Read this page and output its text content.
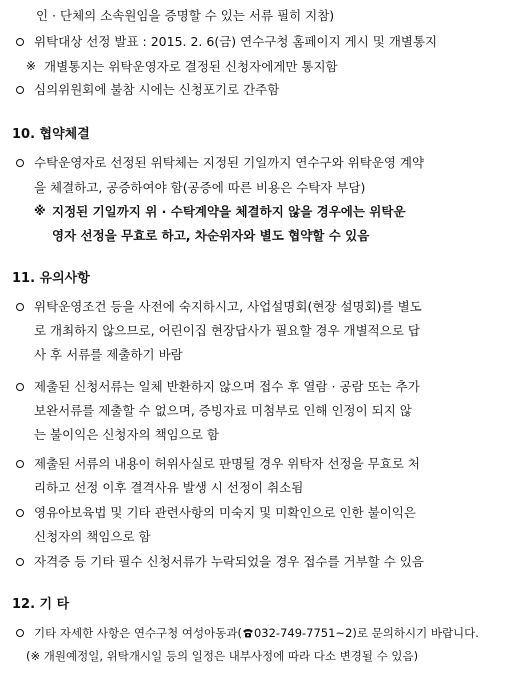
인 · 단체의 소속원임을 증명할 수 있는 서류 필히 지참)
위탁대상 선정 발표 : 2015. 2. 6(금) 연수구청 홈페이지 게시 및 개별통지
※ 개별통지는 위탁운영자로 결정된 신청자에게만 통지함
심의위원회에 불참 시에는 신청포기로 간주함
10. 협약체결
수탁운영자로 선정된 위탁체는 지정된 기일까지 연수구와 위탁운영 계약
을 체결하고, 공증하여야 함(공증에 따른 비용은 수탁자 부담)
※ 지정된 기일까지 위 · 수탁계약을 체결하지 않을 경우에는 위탁운
영자 선정을 무효로 하고, 차순위자와 별도 협약할 수 있음
11. 유의사항
위탁운영조건 등을 사전에 숙지하시고, 사업설명회(현장 설명회)를 별도
로 개최하지 않으므로, 어린이집 현장답사가 필요할 경우 개별적으로 답
사 후 서류를 제출하기 바람
제출된 신청서류는 일체 반환하지 않으며 접수 후 열람 · 공람 또는 추가
보완서류를 제출할 수 없으며, 증빙자료 미첨부로 인해 인정이 되지 않
는 불이익은 신청자의 책임으로 함
제출된 서류의 내용이 허위사실로 판명될 경우 위탁자 선정을 무효로 처
리하고 선정 이후 결격사유 발생 시 선정이 취소됨
영유아보육법 및 기타 관련사항의 미숙지 및 미확인으로 인한 불이익은
신청자의 책임으로 함
자격증 등 기타 필수 신청서류가 누락되었을 경우 접수를 거부할 수 있음
12. 기 타
기타 자세한 사항은 연수구청 여성아동과( 032-749-7751~2)로 문의하시기 바랍니다.
(※ 개원예정일, 위탁개시일 등의 일정은 내부사정에 따라 다소 변경될 수 있음)
